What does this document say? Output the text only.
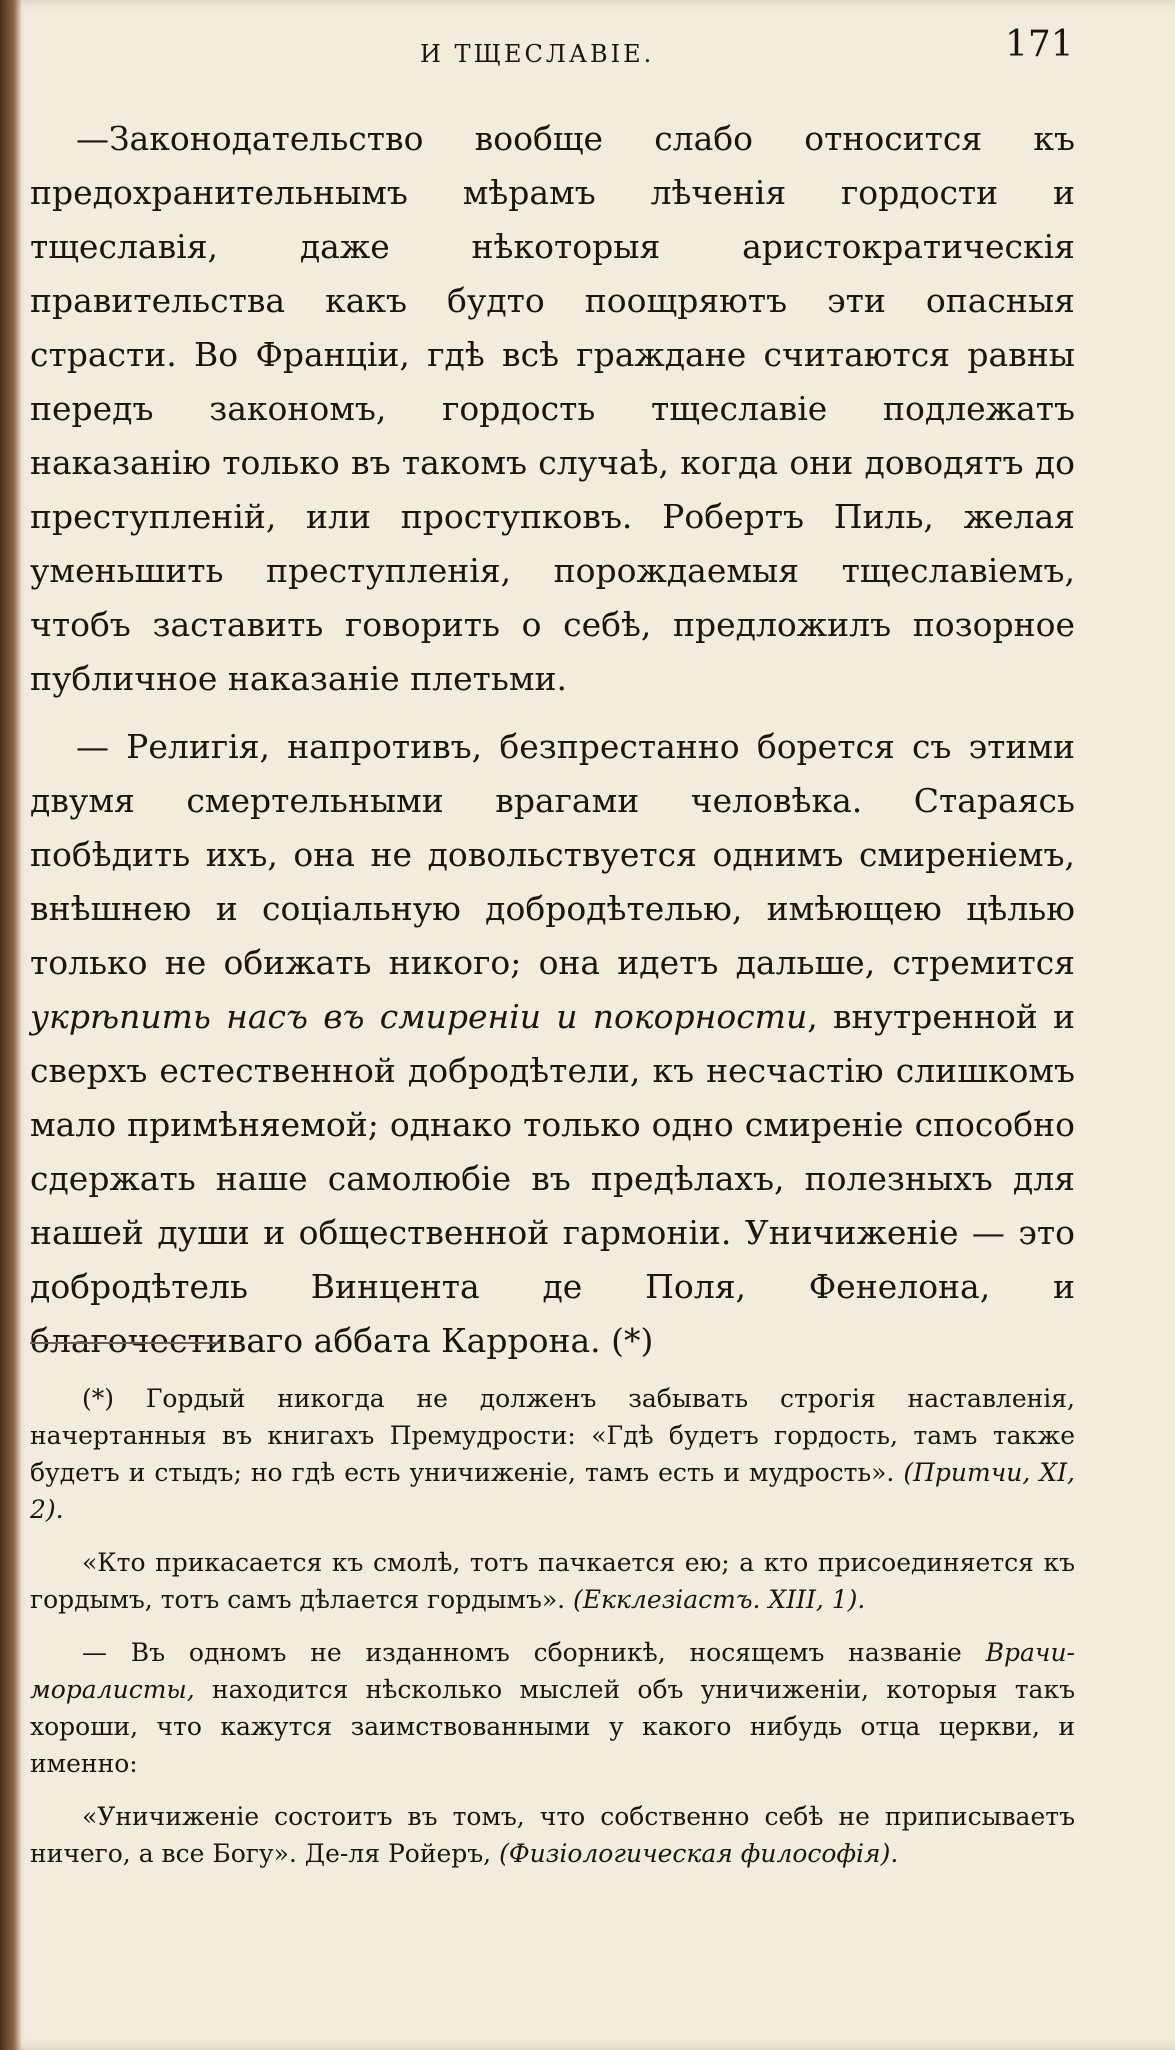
И ТЩЕСЛАВІЕ.	171

—Законодательство вообще слабо относится къ предохранительнымъ мѣрамъ лѣченія гордости и тщеславія, даже нѣкоторыя аристократическія правительства какъ будто поощряютъ эти опасныя страсти. Во Франціи, гдѣ всѣ граждане считаются равны передъ закономъ, гордость тщеславіе подлежатъ наказанію только въ такомъ случаѣ, когда они доводятъ до преступленій, или проступковъ. Робертъ Пиль, желая уменьшить преступленія, порождаемыя тщеславіемъ, чтобъ заставить говорить о себѣ, предложилъ позорное публичное наказаніе плетьми.

— Религія, напротивъ, безпрестанно борется съ этими двумя смертельными врагами человѣка. Стараясь побѣдить ихъ, она не довольствуется однимъ смиреніемъ, внѣшнею и соціальную добродѣтелью, имѣющею цѣлью только не обижать никого; она идетъ дальше, стремится укрѣпить насъ въ смиреніи и покорности, внутренной и сверхъ естественной добродѣтели, къ несчастію слишкомъ мало примѣняемой; однако только одно смиреніе способно сдержать наше самолюбіе въ предѣлахъ, полезныхъ для нашей души и общественной гармоніи. Уничиженіе — это добродѣтель Винцента де Поля, Фенелона, и благочестиваго аббата Каррона. (*)

(*) Гордый никогда не долженъ забывать строгія наставленія, начертанныя въ книгахъ Премудрости: «Гдѣ будетъ гордость, тамъ также будетъ и стыдъ; но гдѣ есть уничиженіе, тамъ есть и мудрость». (Притчи, XI, 2).

«Кто прикасается къ смолѣ, тотъ пачкается ею; а кто присоединяется къ гордымъ, тотъ самъ дѣлается гордымъ». (Екклезіастъ. XIII, 1).

— Въ одномъ не изданномъ сборникѣ, носящемъ названіе Врачи-моралисты, находится нѣсколько мыслей объ уничиженіи, которыя такъ хороши, что кажутся заимствованными у какого нибудь отца церкви, и именно:

«Уничиженіе состоитъ въ томъ, что собственно себѣ не приписываетъ ничего, а все Богу». Де-ля Ройеръ, (Физіологическая философія).
